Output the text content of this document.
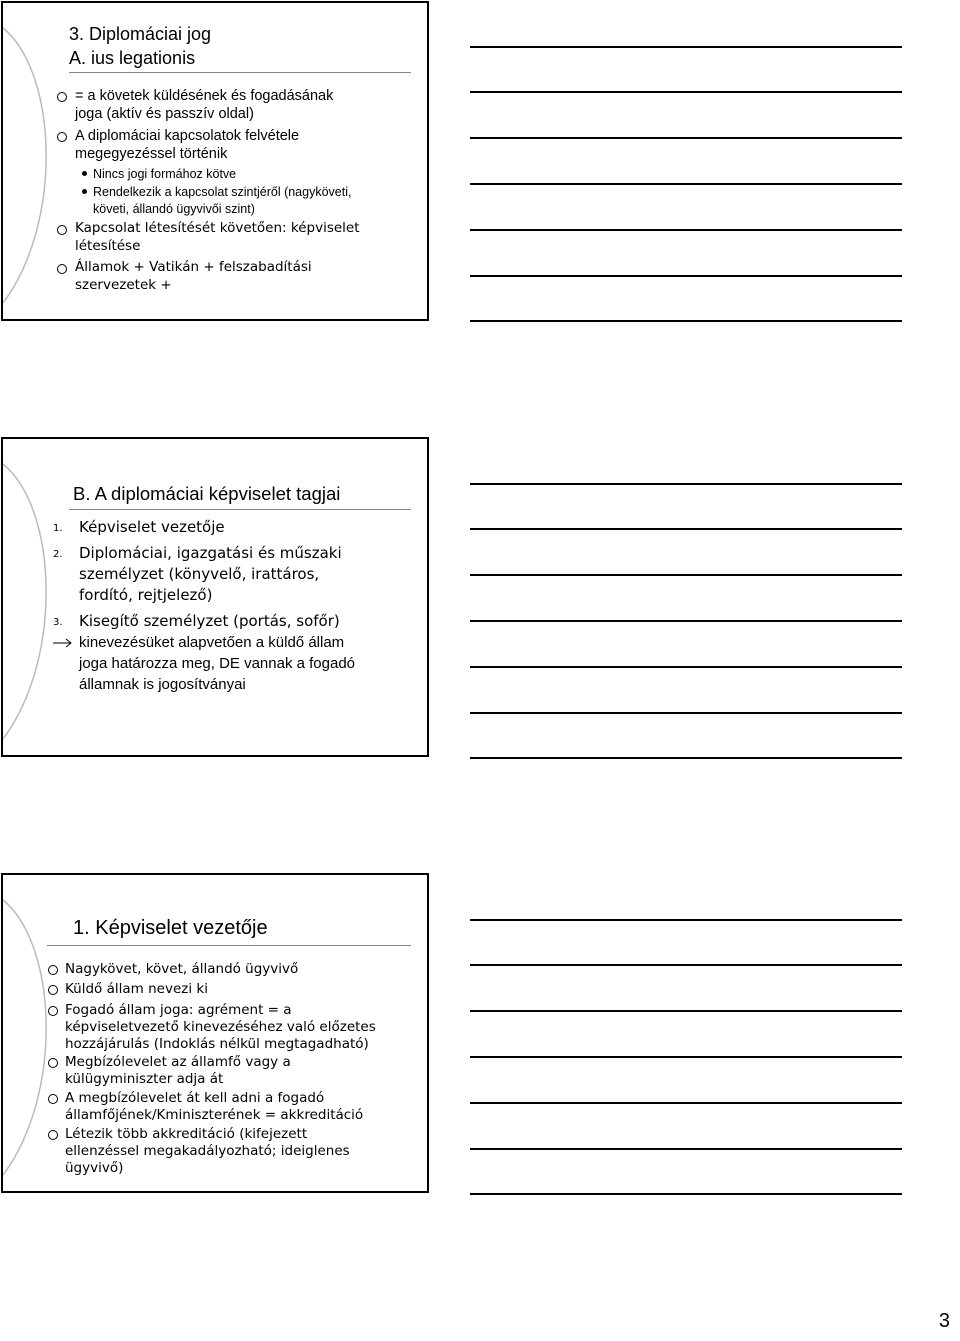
3. Diplomáciai jog
A. ius legationis
= a követek küldésének és fogadásának
joga (aktív és passzív oldal)
A diplomáciai kapcsolatok felvétele
megegyezéssel történik
Nincs jogi formához kötve
Rendelkezik a kapcsolat szintjéről (nagyköveti,
követi, állandó ügyvivői szint)
Kapcsolat létesítését követően: képviselet
létesítése
Államok + Vatikán + felszabadítási
szervezetek +
B. A diplomáciai képviselet tagjai
1. Képviselet vezetője
2. Diplomáciai, igazgatási és műszaki
személyzet (könyvelő, irattáros,
fordító, rejtjelező)
3. Kisegítő személyzet (portás, sofőr)
kinevezésüket alapvetően a küldő állam
joga határozza meg, DE vannak a fogadó
államnak is jogosítványai
1. Képviselet vezetője
Nagykövet, követ, állandó ügyvivő
Küldő állam nevezi ki
Fogadó állam joga: agrément = a
képviseletvezető kinevezéséhez való előzetes
hozzájárulás (Indoklás nélkül megtagadható)
Megbízólevelet az államfő vagy a
külügyminiszter adja át
A megbízólevelet át kell adni a fogadó
államfőjének/Kminiszterének = akkreditáció
Létezik több akkreditáció (kifejezett
ellenzéssel megakadályozható; ideiglenes
ügyvivő)
3
